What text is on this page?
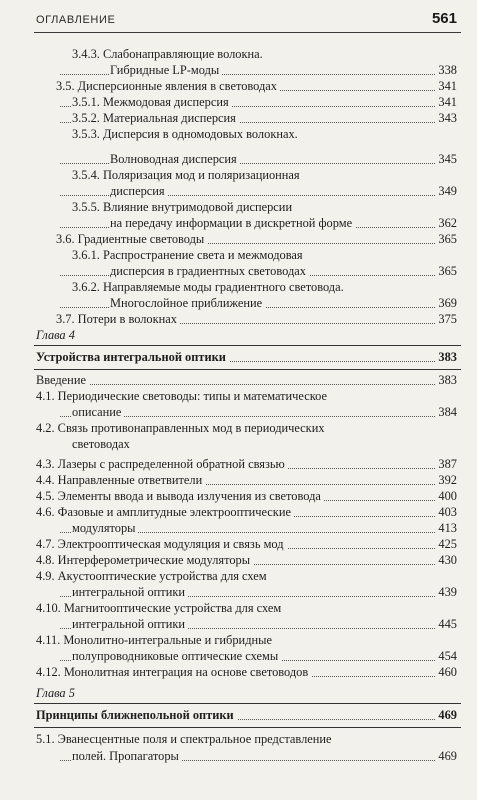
ОГЛАВЛЕНИЕ	561
3.4.3. Слабонаправляющие волокна.
Гибридные LP-моды	338
3.5. Дисперсионные явления в световодах	341
3.5.1. Межмодовая дисперсия	341
3.5.2. Материальная дисперсия	343
3.5.3. Дисперсия в одномодовых волокнах.
Волноводная дисперсия	345
3.5.4. Поляризация мод и поляризационная
дисперсия	349
3.5.5. Влияние внутримодовой дисперсии
на передачу информации в дискретной форме	362
3.6. Градиентные световоды	365
3.6.1. Распространение света и межмодовая
дисперсия в градиентных световодах	365
3.6.2. Направляемые моды градиентного световода.
Многослойное приближение	369
3.7. Потери в волокнах	375
Глава 4
Устройства интегральной оптики	383
Введение	383
4.1. Периодические световоды: типы и математическое
описание	384
4.2. Связь противонаправленных мод в периодических
световодах
4.3. Лазеры с распределенной обратной связью	387
4.4. Направленные ответвители	392
4.5. Элементы ввода и вывода излучения из световода	400
4.6. Фазовые и амплитудные электрооптические	403
модуляторы	413
4.7. Электрооптическая модуляция и связь мод	425
4.8. Интерферометрические модуляторы	430
4.9. Акустооптические устройства для схем
интегральной оптики	439
4.10. Магнитооптические устройства для схем
интегральной оптики	445
4.11. Монолитно-интегральные и гибридные
полупроводниковые оптические схемы	454
4.12. Монолитная интеграция на основе световодов	460
Глава 5
Принципы ближнепольной оптики	469
5.1. Эванесцентные поля и спектральное представление
полей. Пропагаторы	469
